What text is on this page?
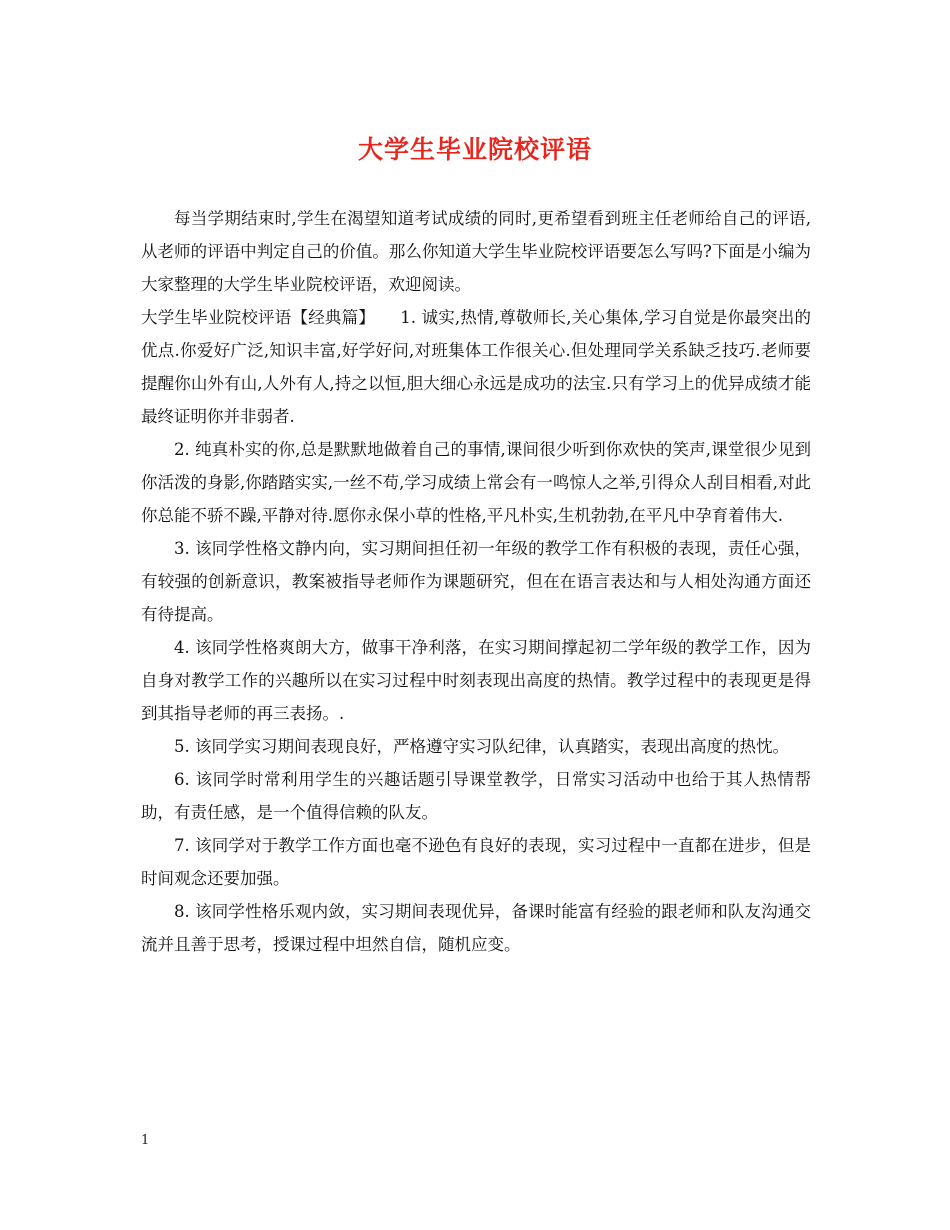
大学生毕业院校评语

每当学期结束时,学生在渴望知道考试成绩的同时,更希望看到班主任老师给自己的评语,从老师的评语中判定自己的价值。那么你知道大学生毕业院校评语要怎么写吗?下面是小编为大家整理的大学生毕业院校评语，欢迎阅读。

大学生毕业院校评语【经典篇】　　1. 诚实,热情,尊敬师长,关心集体,学习自觉是你最突出的优点.你爱好广泛,知识丰富,好学好问,对班集体工作很关心.但处理同学关系缺乏技巧.老师要提醒你山外有山,人外有人,持之以恒,胆大细心永远是成功的法宝.只有学习上的优异成绩才能最终证明你并非弱者.

2. 纯真朴实的你,总是默默地做着自己的事情,课间很少听到你欢快的笑声,课堂很少见到你活泼的身影,你踏踏实实,一丝不苟,学习成绩上常会有一鸣惊人之举,引得众人刮目相看,对此你总能不骄不躁,平静对待.愿你永保小草的性格,平凡朴实,生机勃勃,在平凡中孕育着伟大.

3. 该同学性格文静内向，实习期间担任初一年级的教学工作有积极的表现，责任心强，有较强的创新意识，教案被指导老师作为课题研究，但在在语言表达和与人相处沟通方面还有待提高。

4. 该同学性格爽朗大方，做事干净利落，在实习期间撑起初二学年级的教学工作，因为自身对教学工作的兴趣所以在实习过程中时刻表现出高度的热情。教学过程中的表现更是得到其指导老师的再三表扬。.

5. 该同学实习期间表现良好，严格遵守实习队纪律，认真踏实，表现出高度的热忱。

6. 该同学时常利用学生的兴趣话题引导课堂教学，日常实习活动中也给于其人热情帮助，有责任感，是一个值得信赖的队友。

7. 该同学对于教学工作方面也毫不逊色有良好的表现，实习过程中一直都在进步，但是时间观念还要加强。

8. 该同学性格乐观内敛，实习期间表现优异，备课时能富有经验的跟老师和队友沟通交流并且善于思考，授课过程中坦然自信，随机应变。

1
